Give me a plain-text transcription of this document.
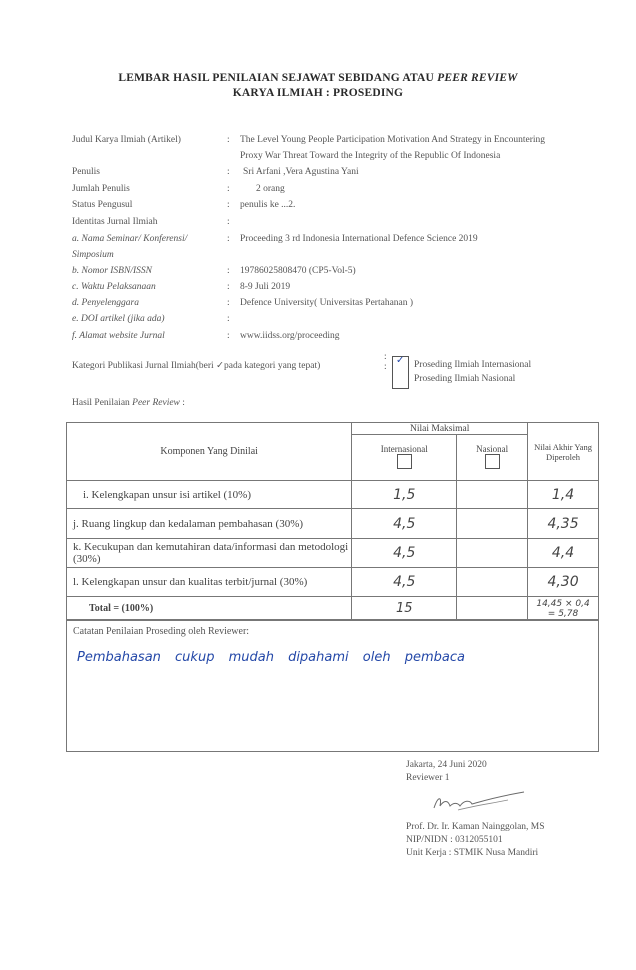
LEMBAR HASIL PENILAIAN SEJAWAT SEBIDANG ATAU PEER REVIEW
KARYA ILMIAH : PROSEDING
Judul Karya Ilmiah (Artikel)	: The Level Young People Participation Motivation And Strategy in Encountering
Proxy War Threat Toward the Integrity of the Republic Of Indonesia
Penulis	: Sri Arfani ,Vera Agustina Yani
Jumlah Penulis	:	2 orang
Status Pengusul	: penulis ke ...2.
Identitas Jurnal Ilmiah	:
a. Nama Seminar/ Konferensi/
Simposium
: Proceeding 3 rd Indonesia International Defence Science 2019
b. Nomor ISBN/ISSN	: 1978602580847​0 (CP5-Vol-5)
c. Waktu Pelaksanaan	: 8-9 Juli 2019
d. Penyelenggara	: Defence University( Universitas Pertahanan )
e. DOI artikel (jika ada)	:
f. Alamat website Jurnal	: www.iidss.org/proceeding
Kategori Publikasi Jurnal Ilmiah(beri ✓pada kategori yang tepat)
:
:
✓ Proseding Ilmiah Internasional
Proseding Ilmiah Nasional
Hasil Penilaian Peer Review :
Komponen Yang Dinilai	Nilai Maksimal		Nilai Akhir Yang Diperoleh

	Internasional	Nasional	

i. Kelengkapan unsur isi artikel (10%)	1,5		1,4
j. Ruang lingkup dan kedalaman pembahasan (30%)	4,5		4,35
k. Kecukupan dan kemutahiran data/informasi dan metodologi (30%)	4,5		4,4
l. Kelengkapan unsur dan kualitas terbit/jurnal (30%)	4,5		4,30
Total = (100%)	15		14,45 × 0,4
= 5,78
Catatan Penilaian Proseding oleh Reviewer:
Pembahasan cukup mudah dipahami oleh pembaca
Jakarta, 24 Juni 2020
Reviewer 1
Prof. Dr. Ir. Kaman Nainggolan, MS
NIP/NIDN : 0312055101
Unit Kerja : STMIK Nusa Mandiri
